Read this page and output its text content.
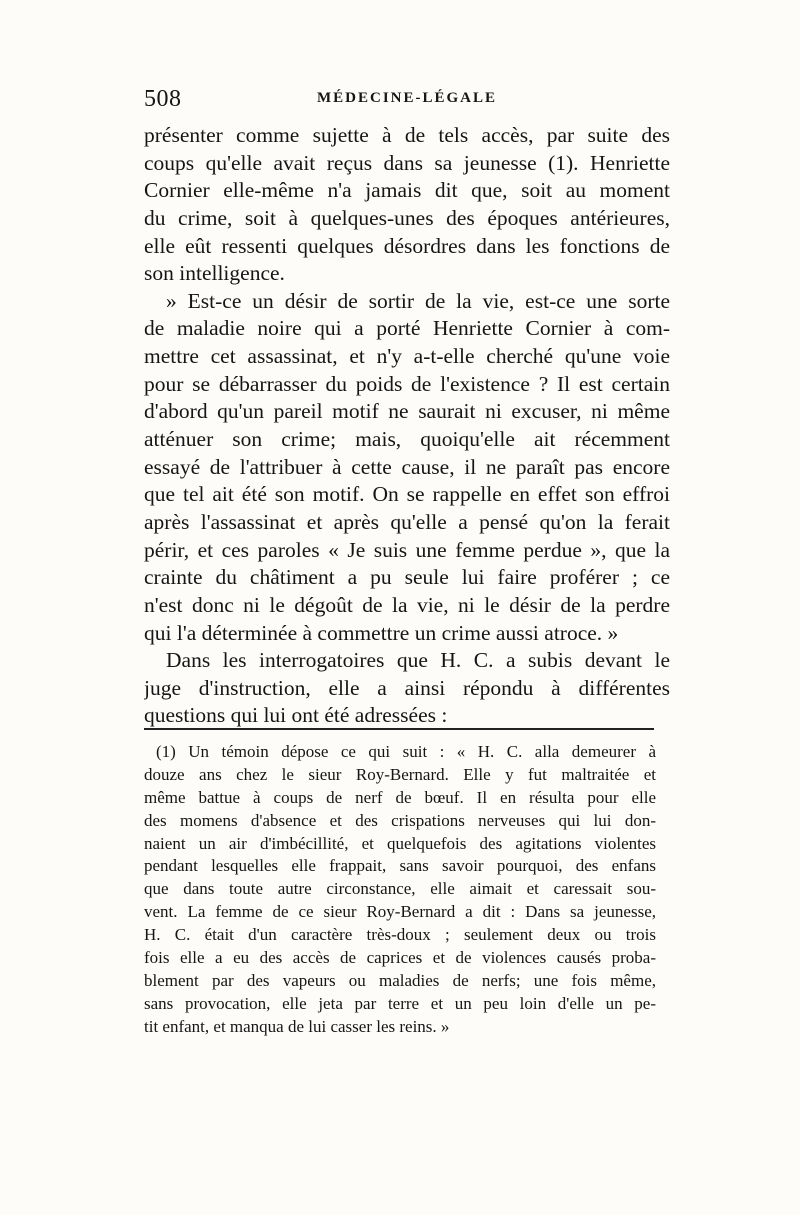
508	MÉDECINE-LÉGALE
présenter comme sujette à de tels accès, par suite des
coups qu'elle avait reçus dans sa jeunesse (1). Henriette
Cornier elle-même n'a jamais dit que, soit au moment
du crime, soit à quelques-unes des époques antérieures,
elle eût ressenti quelques désordres dans les fonctions de
son intelligence.
» Est-ce un désir de sortir de la vie, est-ce une sorte
de maladie noire qui a porté Henriette Cornier à com-
mettre cet assassinat, et n'y a-t-elle cherché qu'une voie
pour se débarrasser du poids de l'existence ? Il est certain
d'abord qu'un pareil motif ne saurait ni excuser, ni même
atténuer son crime; mais, quoiqu'elle ait récemment
essayé de l'attribuer à cette cause, il ne paraît pas encore
que tel ait été son motif. On se rappelle en effet son effroi
après l'assassinat et après qu'elle a pensé qu'on la ferait
périr, et ces paroles « Je suis une femme perdue », que la
crainte du châtiment a pu seule lui faire proférer ; ce
n'est donc ni le dégoût de la vie, ni le désir de la perdre
qui l'a déterminée à commettre un crime aussi atroce. »
Dans les interrogatoires que H. C. a subis devant le
juge d'instruction, elle a ainsi répondu à différentes
questions qui lui ont été adressées :
(1) Un témoin dépose ce qui suit : « H. C. alla demeurer à
douze ans chez le sieur Roy-Bernard. Elle y fut maltraitée et
même battue à coups de nerf de bœuf. Il en résulta pour elle
des momens d'absence et des crispations nerveuses qui lui don-
naient un air d'imbécillité, et quelquefois des agitations violentes
pendant lesquelles elle frappait, sans savoir pourquoi, des enfans
que dans toute autre circonstance, elle aimait et caressait sou-
vent. La femme de ce sieur Roy-Bernard a dit : Dans sa jeunesse,
H. C. était d'un caractère très-doux ; seulement deux ou trois
fois elle a eu des accès de caprices et de violences causés proba-
blement par des vapeurs ou maladies de nerfs; une fois même,
sans provocation, elle jeta par terre et un peu loin d'elle un pe-
tit enfant, et manqua de lui casser les reins. »
